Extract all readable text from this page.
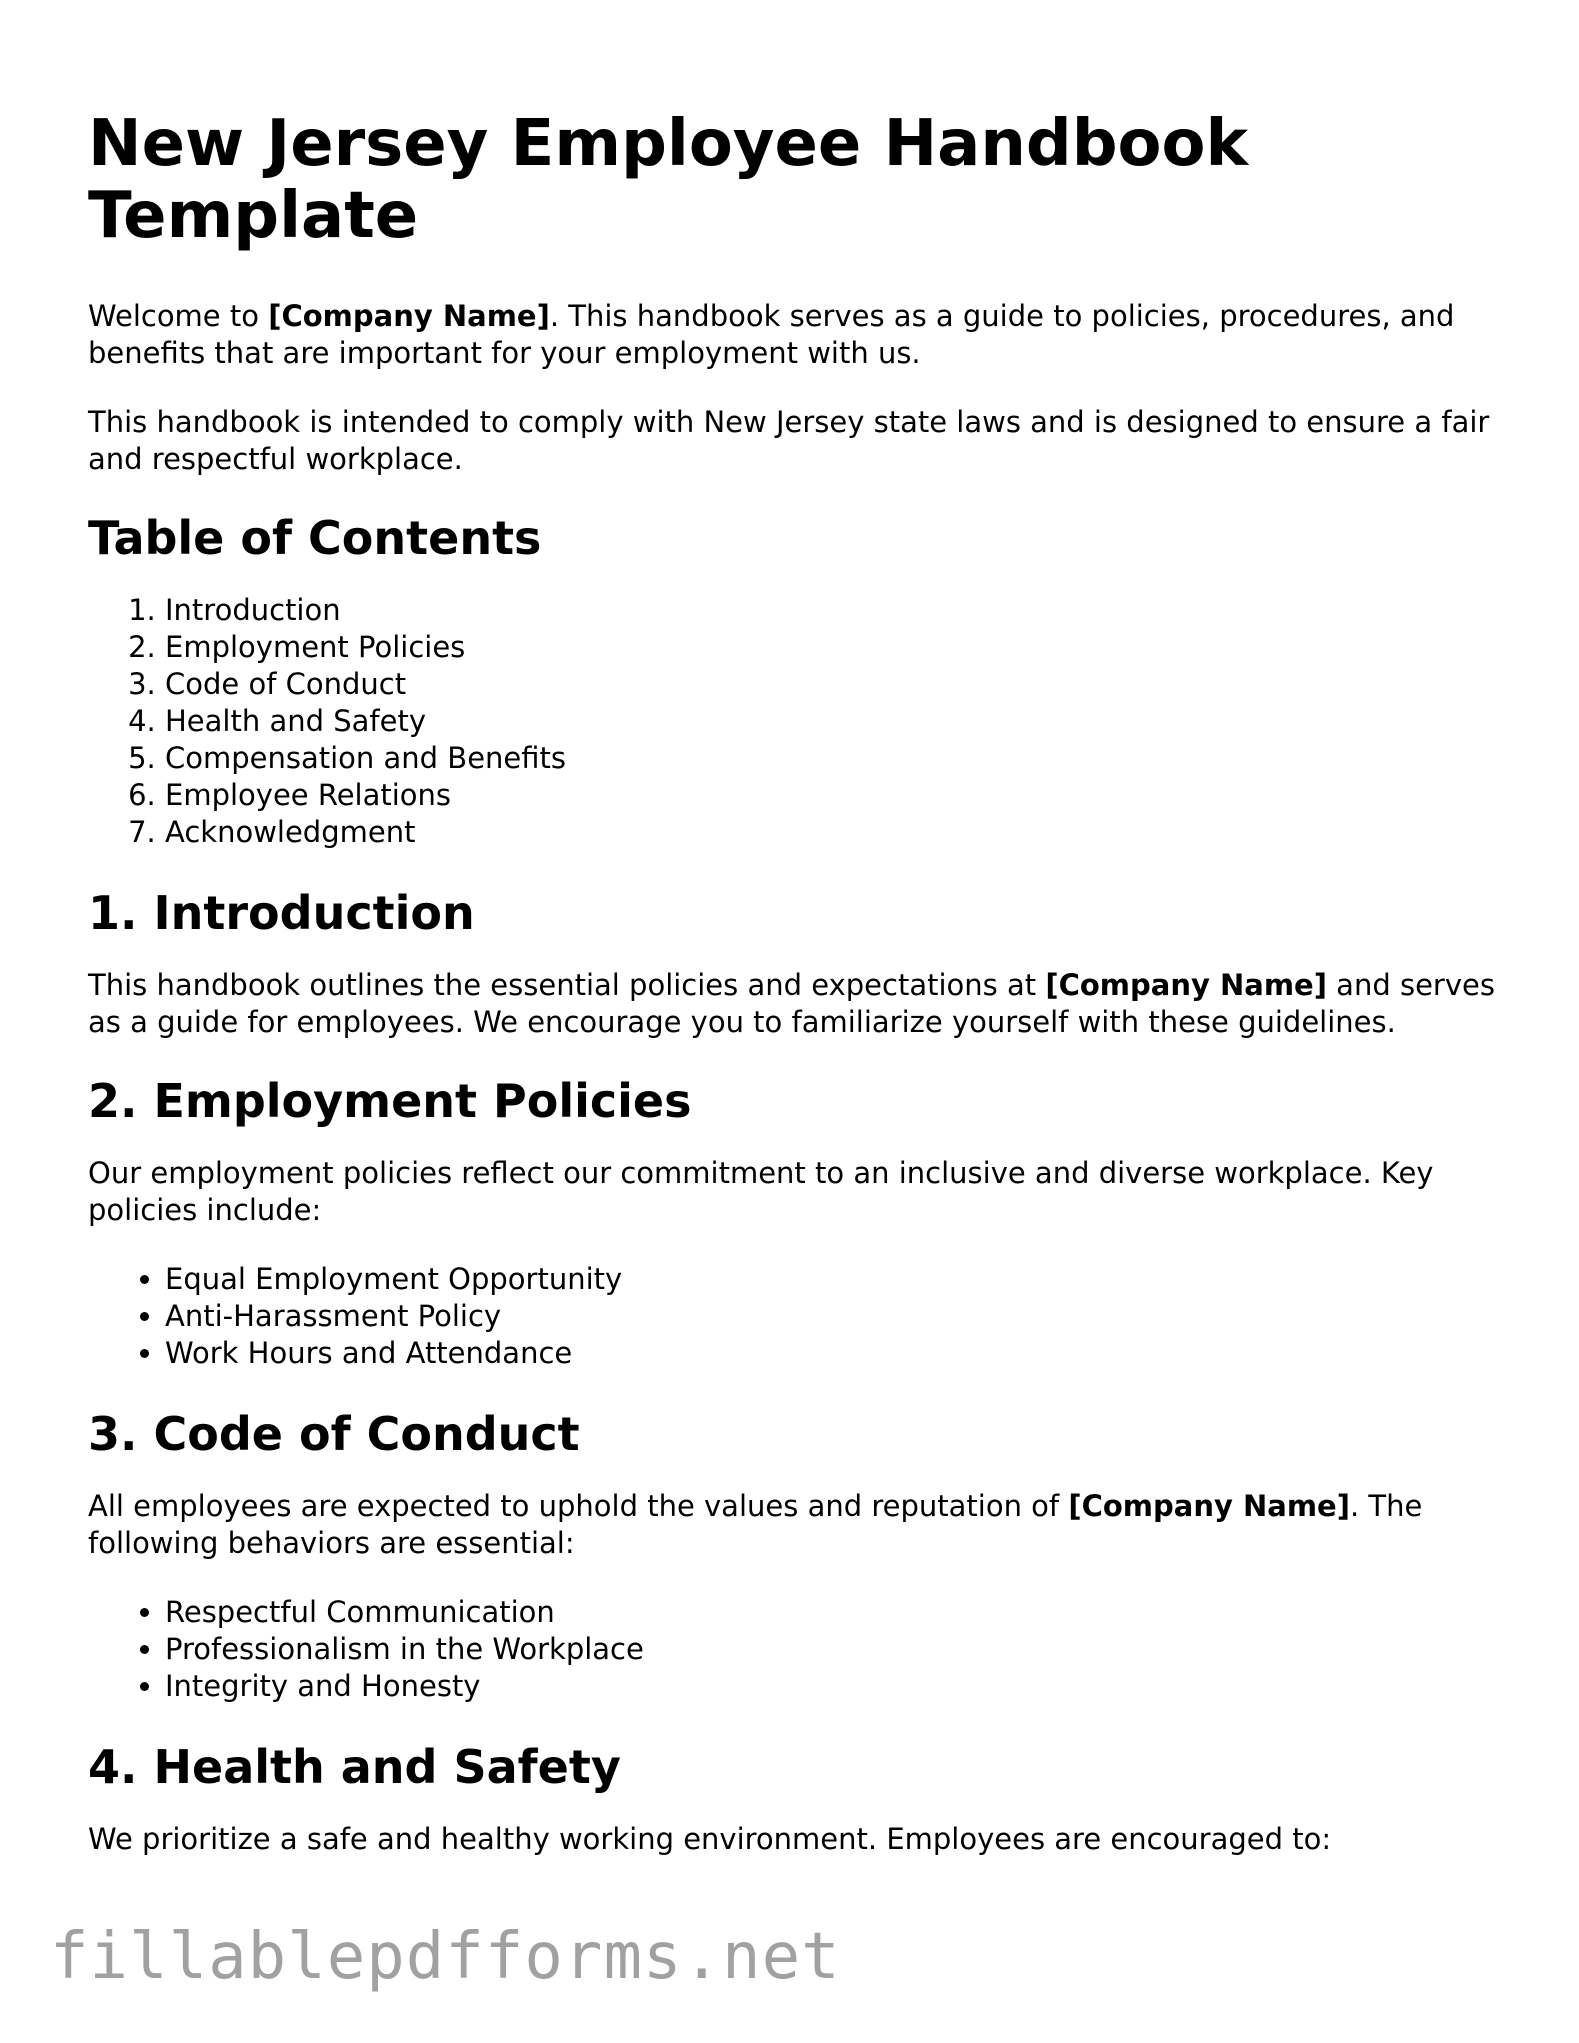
New Jersey Employee Handbook Template

Welcome to [Company Name]. This handbook serves as a guide to policies, procedures, and benefits that are important for your employment with us.

This handbook is intended to comply with New Jersey state laws and is designed to ensure a fair and respectful workplace.

Table of Contents
1. Introduction
2. Employment Policies
3. Code of Conduct
4. Health and Safety
5. Compensation and Benefits
6. Employee Relations
7. Acknowledgment
1. Introduction

This handbook outlines the essential policies and expectations at [Company Name] and serves as a guide for employees. We encourage you to familiarize yourself with these guidelines.

2. Employment Policies

Our employment policies reflect our commitment to an inclusive and diverse workplace. Key policies include:

• Equal Employment Opportunity
• Anti-Harassment Policy
• Work Hours and Attendance
3. Code of Conduct

All employees are expected to uphold the values and reputation of [Company Name]. The following behaviors are essential:

• Respectful Communication
• Professionalism in the Workplace
• Integrity and Honesty
4. Health and Safety

We prioritize a safe and healthy working environment. Employees are encouraged to:

fillablepdfforms.net
